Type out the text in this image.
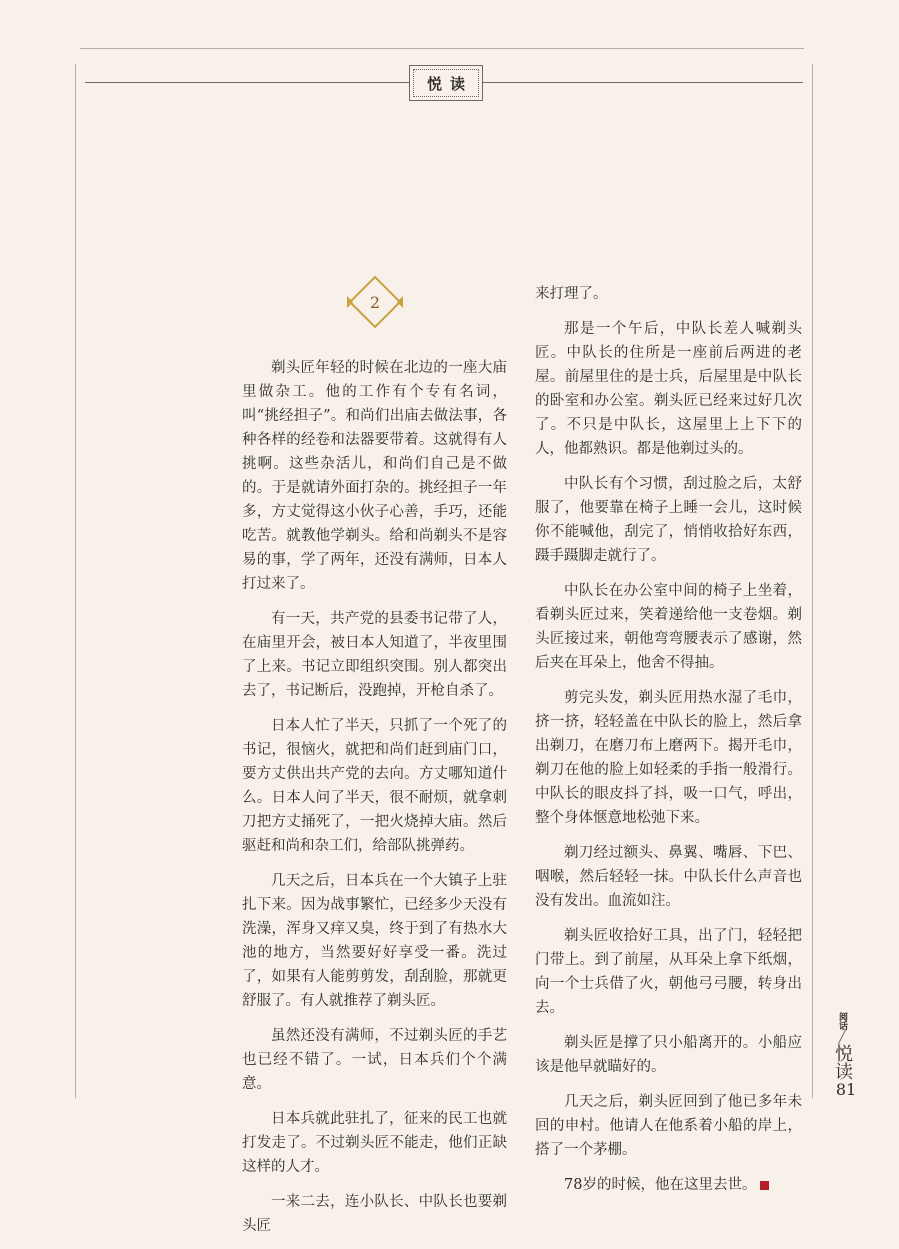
悦读
2

剃头匠年轻的时候在北边的一座大庙里做杂工。他的工作有个专有名词，叫“挑经担子”。和尚们出庙去做法事，各种各样的经卷和法器要带着。这就得有人挑啊。这些杂活儿，和尚们自己是不做的。于是就请外面打杂的。挑经担子一年多，方丈觉得这小伙子心善，手巧，还能吃苦。就教他学剃头。给和尚剃头不是容易的事，学了两年，还没有满师，日本人打过来了。

有一天，共产党的县委书记带了人，在庙里开会，被日本人知道了，半夜里围了上来。书记立即组织突围。别人都突出去了，书记断后，没跑掉，开枪自杀了。

日本人忙了半天，只抓了一个死了的书记，很恼火，就把和尚们赶到庙门口，要方丈供出共产党的去向。方丈哪知道什么。日本人问了半天，很不耐烦，就拿刺刀把方丈捅死了，一把火烧掉大庙。然后驱赶和尚和杂工们，给部队挑弹药。

几天之后，日本兵在一个大镇子上驻扎下来。因为战事繁忙，已经多少天没有洗澡，浑身又痒又臭，终于到了有热水大池的地方，当然要好好享受一番。洗过了，如果有人能剪剪发，刮刮脸，那就更舒服了。有人就推荐了剃头匠。

虽然还没有满师，不过剃头匠的手艺也已经不错了。一试，日本兵们个个满意。

日本兵就此驻扎了，征来的民工也就打发走了。不过剃头匠不能走，他们正缺这样的人才。

一来二去，连小队长、中队长也要剃头匠

来打理了。

那是一个午后，中队长差人喊剃头匠。中队长的住所是一座前后两进的老屋。前屋里住的是士兵，后屋里是中队长的卧室和办公室。剃头匠已经来过好几次了。不只是中队长，这屋里上上下下的人，他都熟识。都是他剃过头的。

中队长有个习惯，刮过脸之后，太舒服了，他要靠在椅子上睡一会儿，这时候你不能喊他，刮完了，悄悄收拾好东西，蹑手蹑脚走就行了。

中队长在办公室中间的椅子上坐着，看剃头匠过来，笑着递给他一支卷烟。剃头匠接过来，朝他弯弯腰表示了感谢，然后夹在耳朵上，他舍不得抽。

剪完头发，剃头匠用热水湿了毛巾，挤一挤，轻轻盖在中队长的脸上，然后拿出剃刀，在磨刀布上磨两下。揭开毛巾，剃刀在他的脸上如轻柔的手指一般滑行。中队长的眼皮抖了抖，吸一口气，呼出，整个身体惬意地松弛下来。

剃刀经过额头、鼻翼、嘴唇、下巴、咽喉，然后轻轻一抹。中队长什么声音也没有发出。血流如注。

剃头匠收拾好工具，出了门，轻轻把门带上。到了前屋，从耳朵上拿下纸烟，向一个士兵借了火，朝他弓弓腰，转身出去。

剃头匠是撑了只小船离开的。小船应该是他早就瞄好的。

几天之后，剃头匠回到了他已多年未回的申村。他请人在他系着小船的岸上，搭了一个茅棚。

78岁的时候，他在这里去世。

阅话
╱
悦读
81
